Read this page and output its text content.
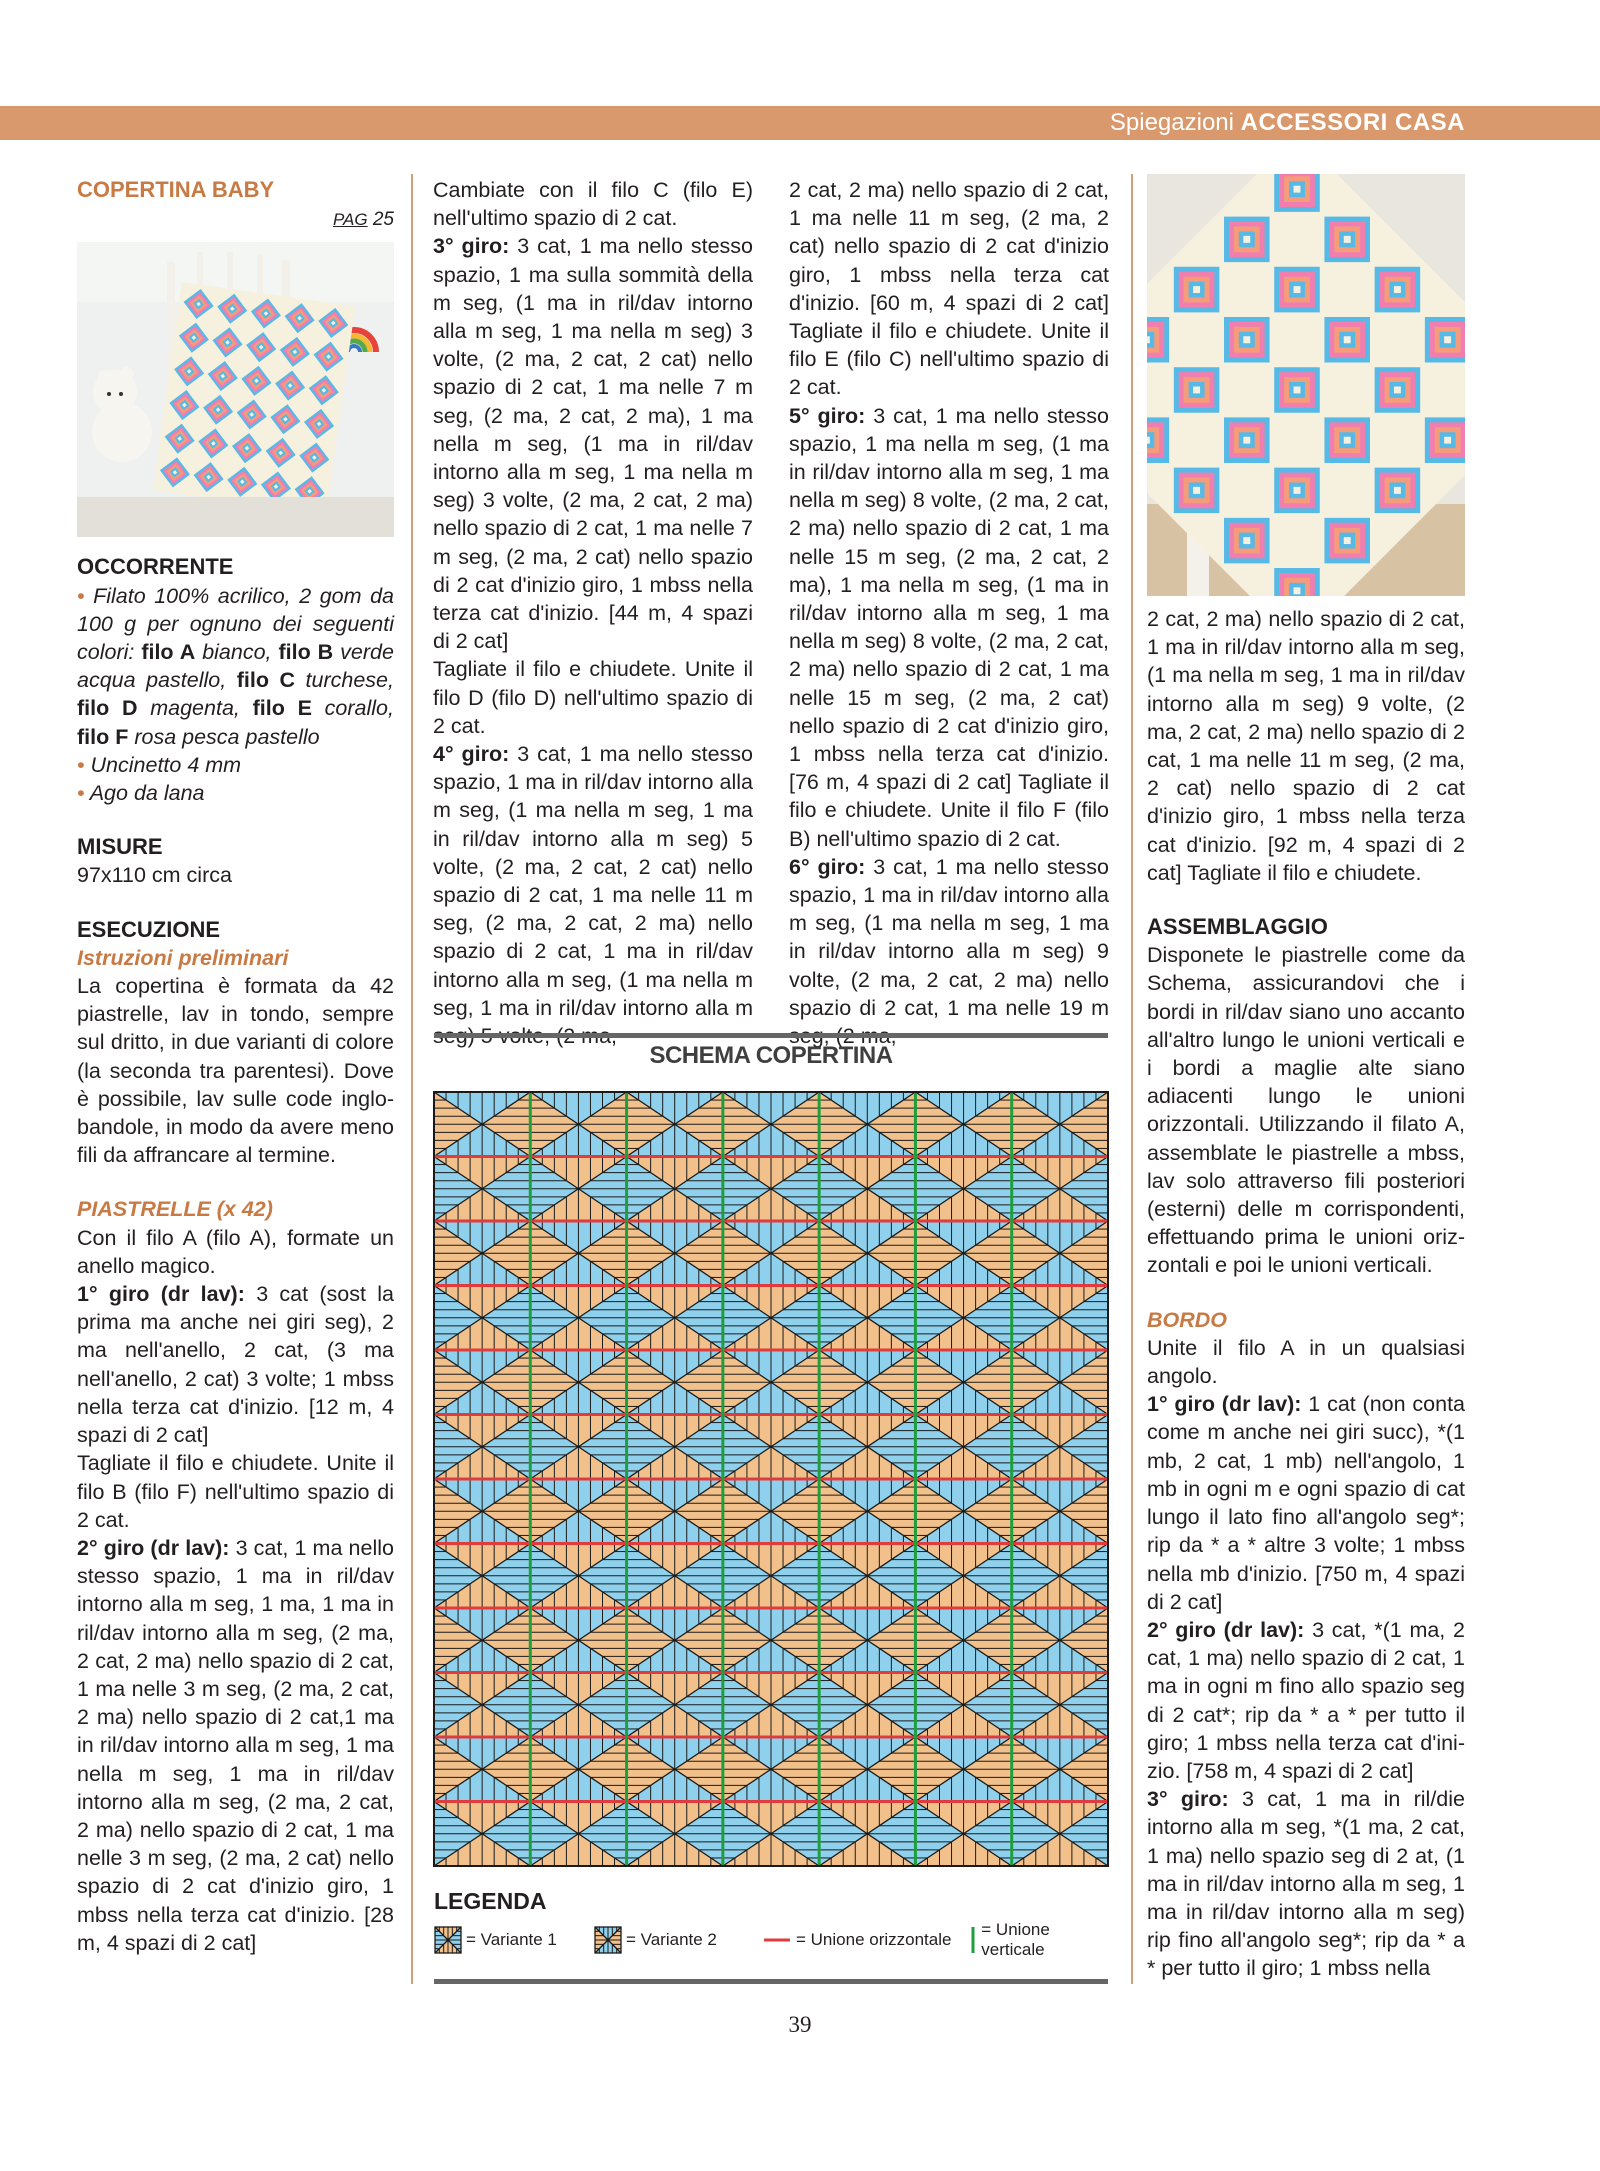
Spiegazioni ACCESSORI CASA

COPERTINA BABY

PAG 25

OCCORRENTE

• Filato 100% acrilico, 2 gom da 100 g per ognuno dei seguenti colori: filo A bianco, filo B verde acqua pastello, filo C turchese, filo D magenta, filo E corallo, filo F rosa pesca pastello

• Uncinetto 4 mm

• Ago da lana

MISURE

97x110 cm circa

ESECUZIONE

Istruzioni preliminari

La copertina è formata da 42 piastrelle, lav in tondo, sempre sul dritto, in due varianti di colore (la seconda tra parentesi). Dove è possibile, lav sulle code inglobandole, in modo da avere meno fili da affrancare al termine.

PIASTRELLE (x 42)

Con il filo A (filo A), formate un anello magico.

1° giro (dr lav): 3 cat (sost la prima ma anche nei giri seg), 2 ma nell'anello, 2 cat, (3 ma nell'anello, 2 cat) 3 volte; 1 mbss nella terza cat d'inizio. [12 m, 4 spazi di 2 cat]

Tagliate il filo e chiudete. Unite il filo B (filo F) nell'ultimo spazio di 2 cat.

2° giro (dr lav): 3 cat, 1 ma nello stesso spazio, 1 ma in ril/dav intorno alla m seg, 1 ma, 1 ma in ril/dav intorno alla m seg, (2 ma, 2 cat, 2 ma) nello spazio di 2 cat, 1 ma nelle 3 m seg, (2 ma, 2 cat, 2 ma) nello spazio di 2 cat,1 ma in ril/dav intorno alla m seg, 1 ma nella m seg, 1 ma in ril/dav intorno alla m seg, (2 ma, 2 cat, 2 ma) nello spazio di 2 cat, 1 ma nelle 3 m seg, (2 ma, 2 cat) nello spazio di 2 cat d'inizio giro, 1 mbss nella terza cat d'inizio. [28 m, 4 spazi di 2 cat]

Cambiate con il filo C (filo E) nell'ultimo spazio di 2 cat.

3° giro: 3 cat, 1 ma nello stesso spazio, 1 ma sulla sommità della m seg, (1 ma in ril/dav intorno alla m seg, 1 ma nella m seg) 3 volte, (2 ma, 2 cat, 2 cat) nello spazio di 2 cat, 1 ma nelle 7 m seg, (2 ma, 2 cat, 2 ma), 1 ma nella m seg, (1 ma in ril/dav intorno alla m seg, 1 ma nella m seg) 3 volte, (2 ma, 2 cat, 2 ma) nello spazio di 2 cat, 1 ma nelle 7 m seg, (2 ma, 2 cat) nello spazio di 2 cat d'inizio giro, 1 mbss nella terza cat d'inizio. [44 m, 4 spazi di 2 cat]

Tagliate il filo e chiudete. Unite il filo D (filo D) nell'ultimo spazio di 2 cat.

4° giro: 3 cat, 1 ma nello stesso spazio, 1 ma in ril/dav intorno alla m seg, (1 ma nella m seg, 1 ma in ril/dav intorno alla m seg) 5 volte, (2 ma, 2 cat, 2 cat) nello spazio di 2 cat, 1 ma nelle 11 m seg, (2 ma, 2 cat, 2 ma) nello spazio di 2 cat, 1 ma in ril/dav intorno alla m seg, (1 ma nella m seg, 1 ma in ril/dav intorno alla m

2 cat, 2 ma) nello spazio di 2 cat, 1 ma nelle 11 m seg, (2 ma, 2 cat) nello spazio di 2 cat d'inizio giro, 1 mbss nella terza cat d'inizio. [60 m, 4 spazi di 2 cat] Tagliate il filo e chiudete. Unite il filo E (filo C) nell'ultimo spazio di 2 cat.

5° giro: 3 cat, 1 ma nello stesso spazio, 1 ma nella m seg, (1 ma in ril/dav intorno alla m seg, 1 ma nella m seg) 8 volte, (2 ma, 2 cat, 2 ma) nello spazio di 2 cat, 1 ma nelle 15 m seg, (2 ma, 2 cat, 2 ma), 1 ma nella m seg, (1 ma in ril/dav intorno alla m seg, 1 ma nella m seg) 8 volte, (2 ma, 2 cat, 2 ma) nello spazio di 2 cat, 1 ma nelle 15 m seg, (2 ma, 2 cat) nello spazio di 2 cat d'inizio giro, 1 mbss nella terza cat d'inizio. [76 m, 4 spazi di 2 cat] Tagliate il filo e chiudete. Unite il filo F (filo B) nell'ultimo spazio di 2 cat.

6° giro: 3 cat, 1 ma nello stesso spazio, 1 ma in ril/dav intorno alla m seg, (1 ma nella m seg, 1 ma in ril/dav intorno alla m seg) 9 volte, (2 ma, 2 cat, 2 ma) nello spazio di 2 cat, 1 ma nelle 19 m

2 cat, 2 ma) nello spazio di 2 cat, 1 ma in ril/dav intorno alla m seg, (1 ma nella m seg, 1 ma in ril/dav intorno alla m seg) 9 volte, (2 ma, 2 cat, 2 ma) nello spazio di 2 cat, 1 ma nelle 11 m seg, (2 ma, 2 cat) nello spazio di 2 cat d'inizio giro, 1 mbss nella terza cat d'inizio. [92 m, 4 spazi di 2 cat] Tagliate il filo e chiudete.

ASSEMBLAGGIO

Disponete le piastrelle come da Schema, assicurandovi che i bordi in ril/dav siano uno accanto all'altro lungo le unioni verticali e i bordi a maglie alte siano adiacenti lungo le unioni orizzontali. Utilizzando il filato A, assemblate le piastrelle a mbss, lav solo attraverso fili posteriori (esterni) delle m corrispondenti, effettuando prima le unioni orizzontali e poi le unioni verticali.

BORDO

Unite il filo A in un qualsiasi angolo.

1° giro (dr lav): 1 cat (non conta come m anche nei giri succ), *(1 mb, 2 cat, 1 mb) nell'angolo, 1 mb in ogni m e ogni spazio di cat lungo il lato fino all'angolo seg*; rip da * a * altre 3 volte; 1 mbss nella mb d'inizio. [750 m, 4 spazi di 2 cat]

2° giro (dr lav): 3 cat, *(1 ma, 2 cat, 1 ma) nello spazio di 2 cat, 1 ma in ogni m fino allo spazio seg di 2 cat*; rip da * a * per tutto il giro; 1 mbss nella terza cat d'inizio. [758 m, 4 spazi di 2 cat]

3° giro: 3 cat, 1 ma in ril/die intorno alla m seg, *(1 ma, 2 cat, 1 ma) nello spazio seg di 2 at, (1 ma in ril/dav intorno alla m seg, 1 ma in ril/dav intorno alla m seg) rip fino all'angolo seg*; rip da * a * per tutto il giro; 1 mbss nella

SCHEMA COPERTINA
LEGENDA
= Variante 1	= Variante 2	= Unione orizzontale
= Unione verticale
39
